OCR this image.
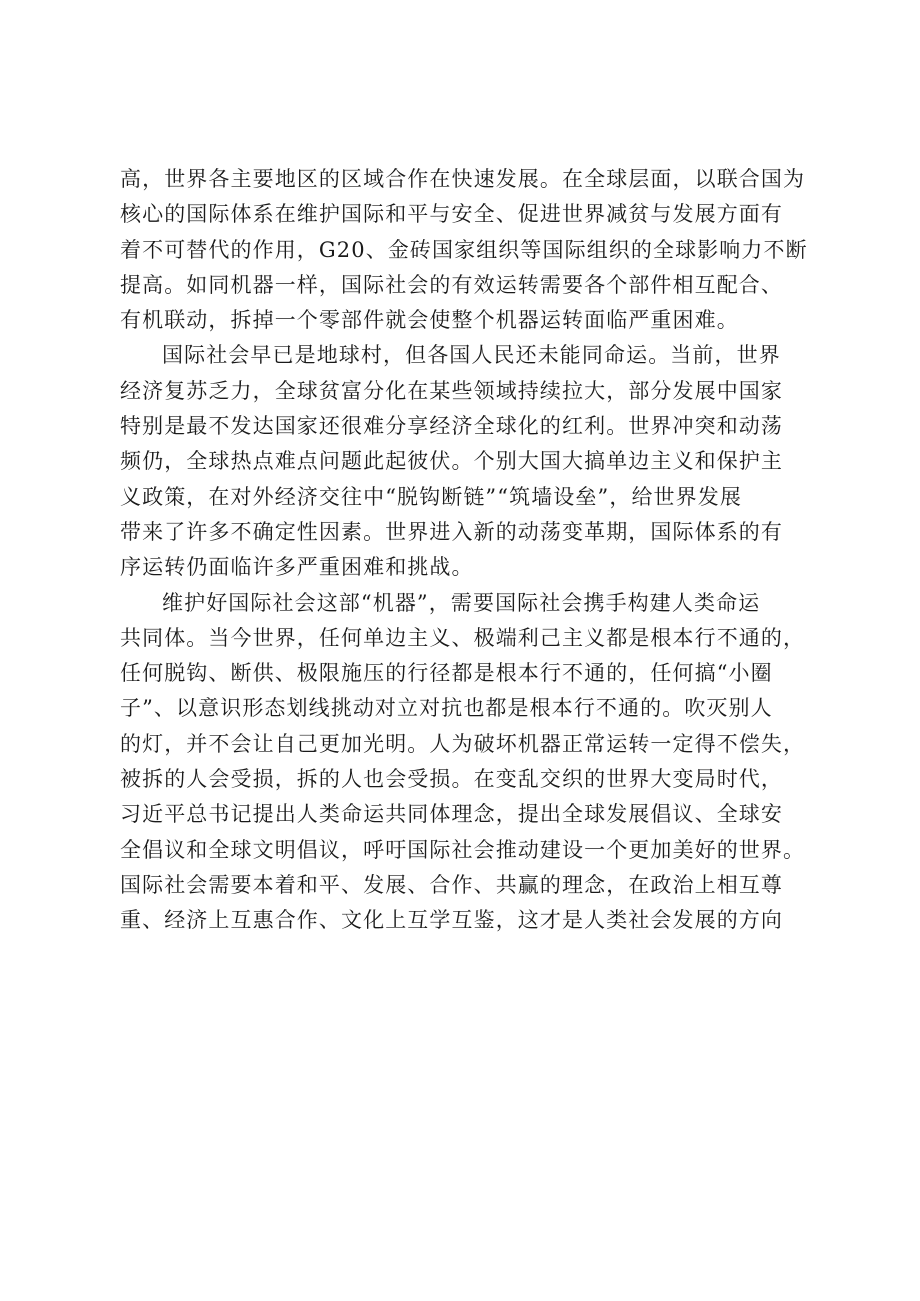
高，世界各主要地区的区域合作在快速发展。在全球层面，以联合国为
核心的国际体系在维护国际和平与安全、促进世界减贫与发展方面有
着不可替代的作用，G20、金砖国家组织等国际组织的全球影响力不断
提高。如同机器一样，国际社会的有效运转需要各个部件相互配合、
有机联动，拆掉一个零部件就会使整个机器运转面临严重困难。
国际社会早已是地球村，但各国人民还未能同命运。当前，世界
经济复苏乏力，全球贫富分化在某些领域持续拉大，部分发展中国家
特别是最不发达国家还很难分享经济全球化的红利。世界冲突和动荡
频仍，全球热点难点问题此起彼伏。个别大国大搞单边主义和保护主
义政策，在对外经济交往中“脱钩断链”“筑墙设垒”，给世界发展
带来了许多不确定性因素。世界进入新的动荡变革期，国际体系的有
序运转仍面临许多严重困难和挑战。
维护好国际社会这部“机器”，需要国际社会携手构建人类命运
共同体。当今世界，任何单边主义、极端利己主义都是根本行不通的，
任何脱钩、断供、极限施压的行径都是根本行不通的，任何搞“小圈
子”、以意识形态划线挑动对立对抗也都是根本行不通的。吹灭别人
的灯，并不会让自己更加光明。人为破坏机器正常运转一定得不偿失，
被拆的人会受损，拆的人也会受损。在变乱交织的世界大变局时代，
习近平总书记提出人类命运共同体理念，提出全球发展倡议、全球安
全倡议和全球文明倡议，呼吁国际社会推动建设一个更加美好的世界。
国际社会需要本着和平、发展、合作、共赢的理念，在政治上相互尊
重、经济上互惠合作、文化上互学互鉴，这才是人类社会发展的方向
